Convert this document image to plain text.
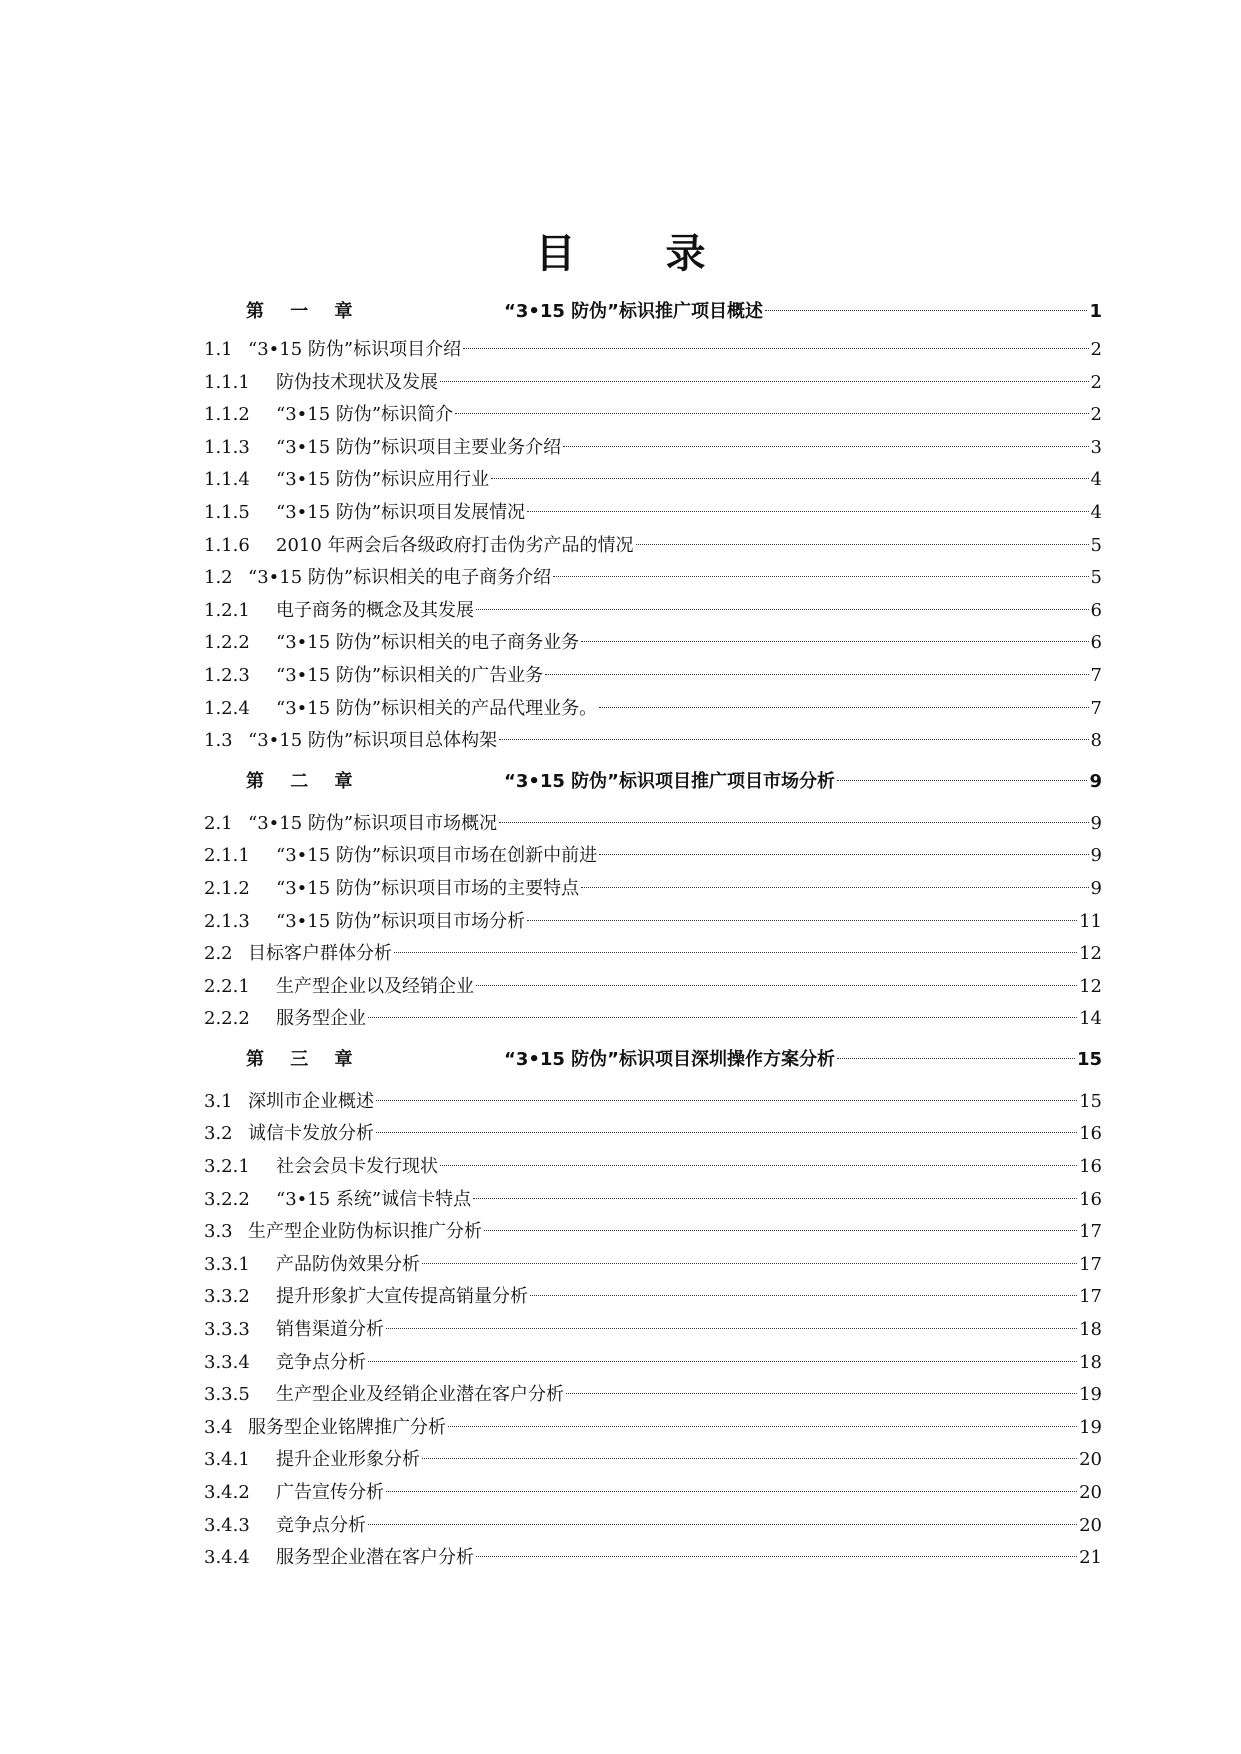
目 录
第 一 章	“3•15 防伪”标识推广项目概述	1
1.1 “3•15 防伪”标识项目介绍	2
1.1.1	防伪技术现状及发展	2
1.1.2	“3•15 防伪”标识简介	2
1.1.3	“3•15 防伪”标识项目主要业务介绍	3
1.1.4	“3•15 防伪”标识应用行业	4
1.1.5	“3•15 防伪”标识项目发展情况	4
1.1.6	2010 年两会后各级政府打击伪劣产品的情况	5
1.2 “3•15 防伪”标识相关的电子商务介绍	5
1.2.1	电子商务的概念及其发展	6
1.2.2	“3•15 防伪”标识相关的电子商务业务	6
1.2.3	“3•15 防伪”标识相关的广告业务	7
1.2.4	“3•15 防伪”标识相关的产品代理业务。	7
1.3 “3•15 防伪”标识项目总体构架	8
第 二 章	“3•15 防伪”标识项目推广项目市场分析	9
2.1 “3•15 防伪”标识项目市场概况	9
2.1.1	“3•15 防伪”标识项目市场在创新中前进	9
2.1.2	“3•15 防伪”标识项目市场的主要特点	9
2.1.3	“3•15 防伪”标识项目市场分析	11
2.2 目标客户群体分析	12
2.2.1	生产型企业以及经销企业	12
2.2.2	服务型企业	14
第 三 章	“3•15 防伪”标识项目深圳操作方案分析	15
3.1 深圳市企业概述	15
3.2 诚信卡发放分析	16
3.2.1	社会会员卡发行现状	16
3.2.2	“3•15 系统”诚信卡特点	16
3.3 生产型企业防伪标识推广分析	17
3.3.1	产品防伪效果分析	17
3.3.2	提升形象扩大宣传提高销量分析	17
3.3.3	销售渠道分析	18
3.3.4	竞争点分析	18
3.3.5	生产型企业及经销企业潜在客户分析	19
3.4 服务型企业铭牌推广分析	19
3.4.1	提升企业形象分析	20
3.4.2	广告宣传分析	20
3.4.3	竞争点分析	20
3.4.4	服务型企业潜在客户分析	21
